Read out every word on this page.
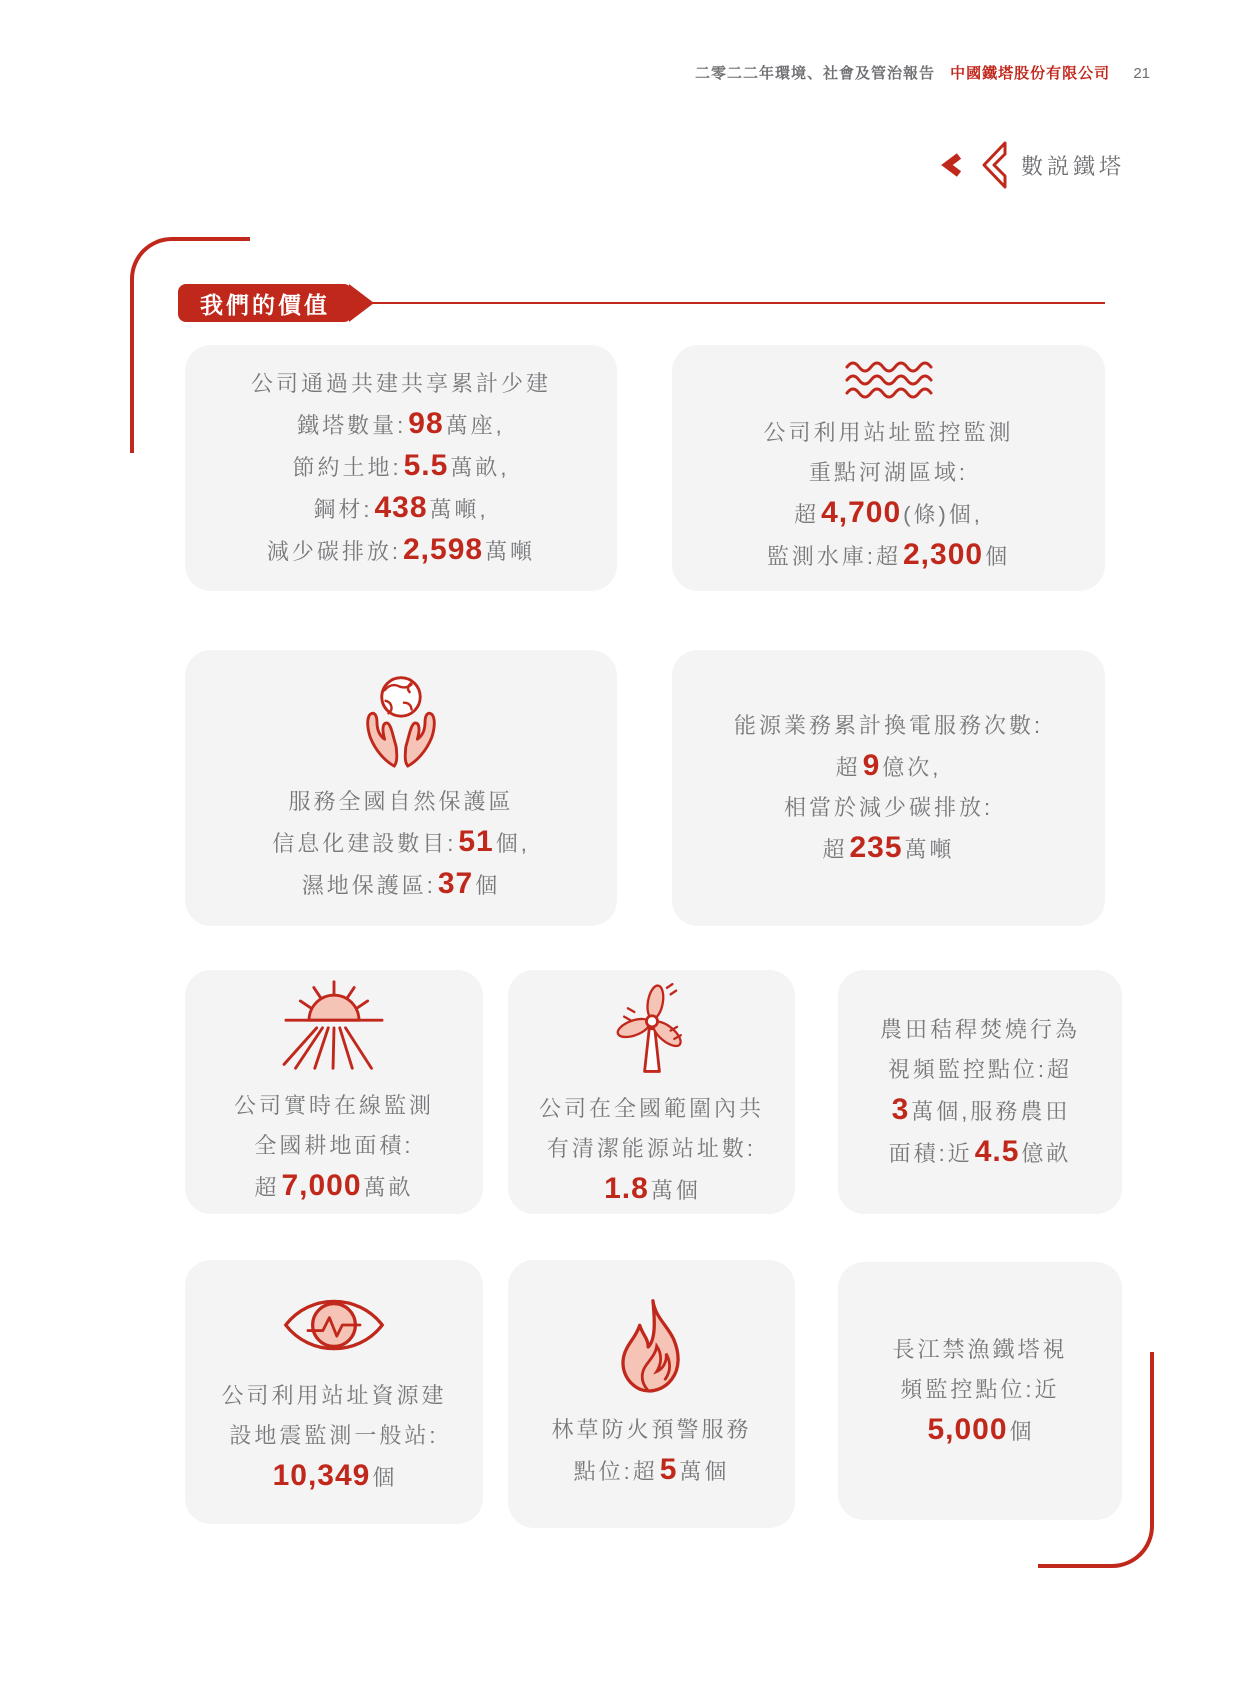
二零二二年環境、社會及管治報告 中國鐵塔股份有限公司 21
數説鐵塔
我們的價值
公司通過共建共享累計少建
鐵塔數量:98萬座,
節約土地:5.5萬畝,
鋼材:438萬噸,
減少碳排放:2,598萬噸
公司利用站址監控監測
重點河湖區域:
超4,700(條)個,
監測水庫:超2,300個
服務全國自然保護區
信息化建設數目:51個,
濕地保護區:37個
能源業務累計換電服務次數:
超9億次,
相當於減少碳排放:
超235萬噸
公司實時在線監測
全國耕地面積:
超7,000萬畝
公司在全國範圍內共
有清潔能源站址數:
1.8萬個
農田秸稈焚燒行為
視頻監控點位:超
3萬個,服務農田
面積:近4.5億畝
公司利用站址資源建
設地震監測一般站:
10,349個
林草防火預警服務
點位:超5萬個
長江禁漁鐵塔視
頻監控點位:近
5,000個
